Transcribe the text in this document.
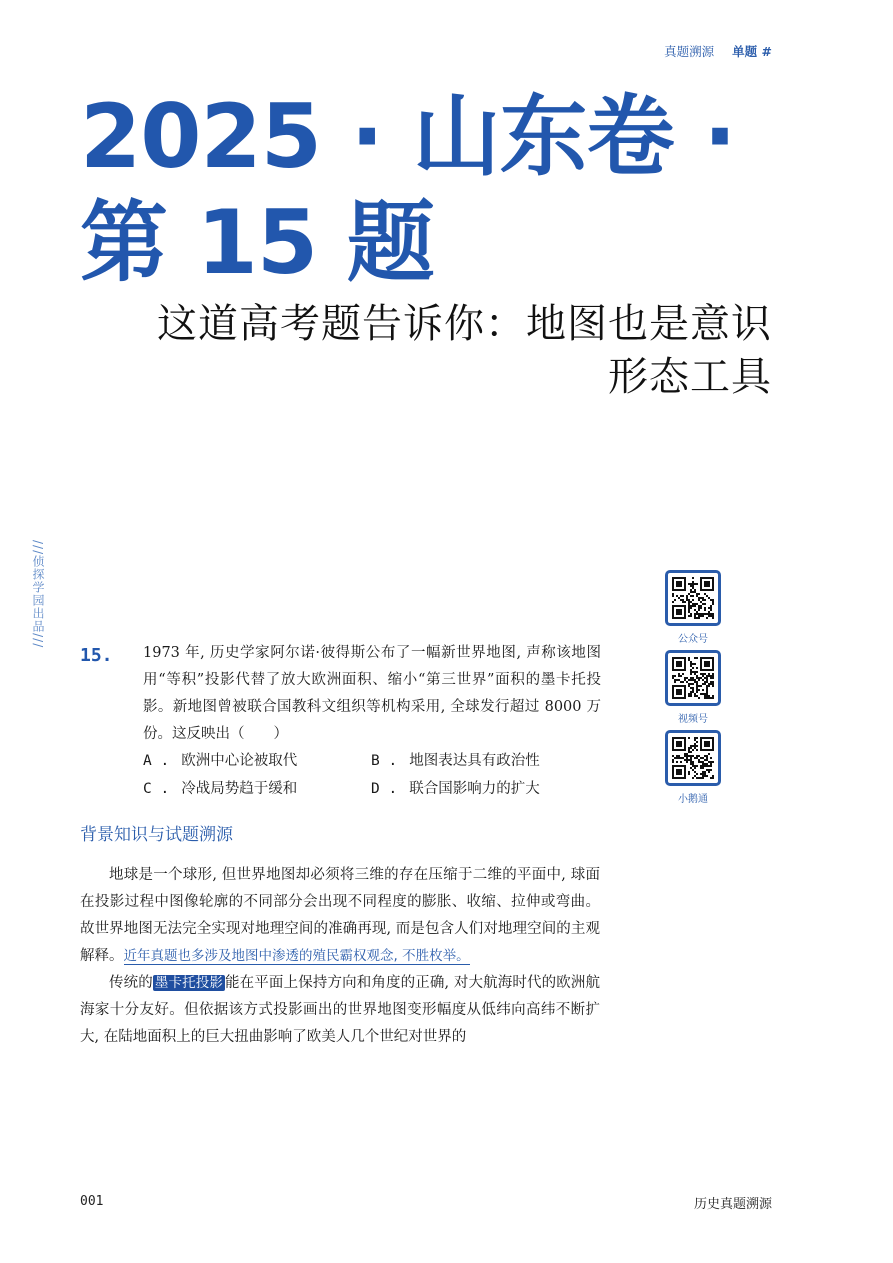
真题溯源 单题 #
2025 · 山东卷 ·
第 15 题
这道高考题告诉你：地图也是意识
形态工具
///侦探学园出品///	公众号
视频号
小鹅通
15. 1973 年, 历史学家阿尔诺·彼得斯公布了一幅新世界地图, 声称该地图用“等积”投影代替了放大欧洲面积、缩小“第三世界”面积的墨卡托投影。新地图曾被联合国教科文组织等机构采用, 全球发行超过 8000 万份。这反映出（　　）
A . 欧洲中心论被取代	B . 地图表达具有政治性
C . 冷战局势趋于缓和	D . 联合国影响力的扩大
背景知识与试题溯源

地球是一个球形, 但世界地图却必须将三维的存在压缩于二维的平面中, 球面在投影过程中图像轮廓的不同部分会出现不同程度的膨胀、收缩、拉伸或弯曲。故世界地图无法完全实现对地理空间的准确再现, 而是包含人们对地理空间的主观解释。近年真题也多涉及地图中渗透的殖民霸权观念, 不胜枚举。

传统的 墨卡托投影 能在平面上保持方向和角度的正确, 对大航海时代的欧洲航海家十分友好。但依据该方式投影画出的世界地图变形幅度从低纬向高纬不断扩大, 在陆地面积上的巨大扭曲影响了欧美人几个世纪对世界的

001	历史真题溯源
